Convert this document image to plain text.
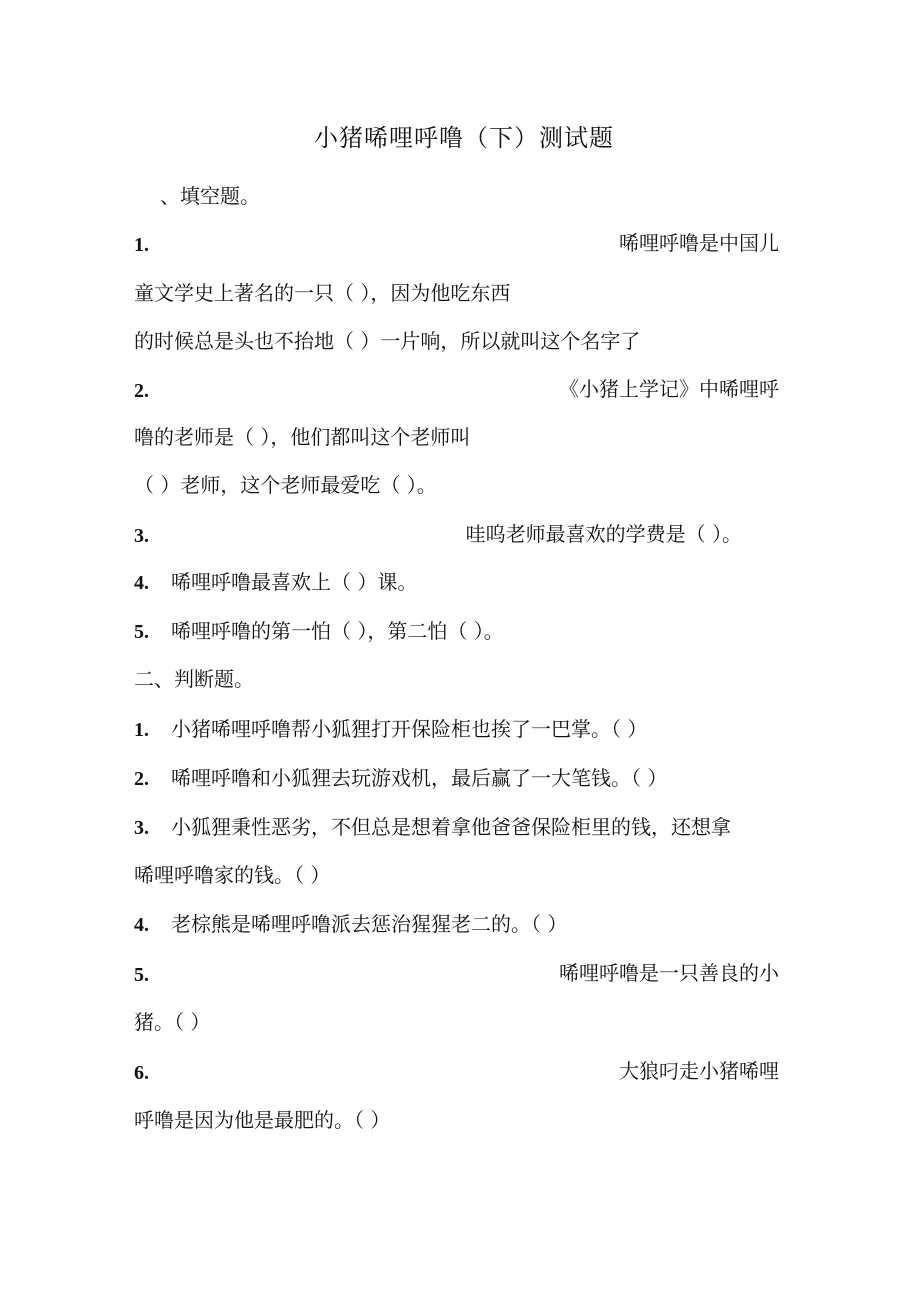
小猪唏哩呼噜（下）测试题
、填空题。
1.	唏哩呼噜是中国儿
童文学史上著名的一只（ ），因为他吃东西
的时候总是头也不抬地（ ）一片响，所以就叫这个名字了
2.	《小猪上学记》中唏哩呼
噜的老师是（ ），他们都叫这个老师叫
（ ）老师，这个老师最爱吃（ ）。
3.	哇呜老师最喜欢的学费是（ ）。
4. 唏哩呼噜最喜欢上（ ）课。
5. 唏哩呼噜的第一怕（ ），第二怕（ ）。
二、判断题。
1. 小猪唏哩呼噜帮小狐狸打开保险柜也挨了一巴掌。（ ）
2. 唏哩呼噜和小狐狸去玩游戏机，最后赢了一大笔钱。（ ）
3. 小狐狸秉性恶劣，不但总是想着拿他爸爸保险柜里的钱，还想拿
唏哩呼噜家的钱。（ ）
4. 老棕熊是唏哩呼噜派去惩治猩猩老二的。（ ）
5.	唏哩呼噜是一只善良的小
猪。（ ）
6.	大狼叼走小猪唏哩
呼噜是因为他是最肥的。（ ）
